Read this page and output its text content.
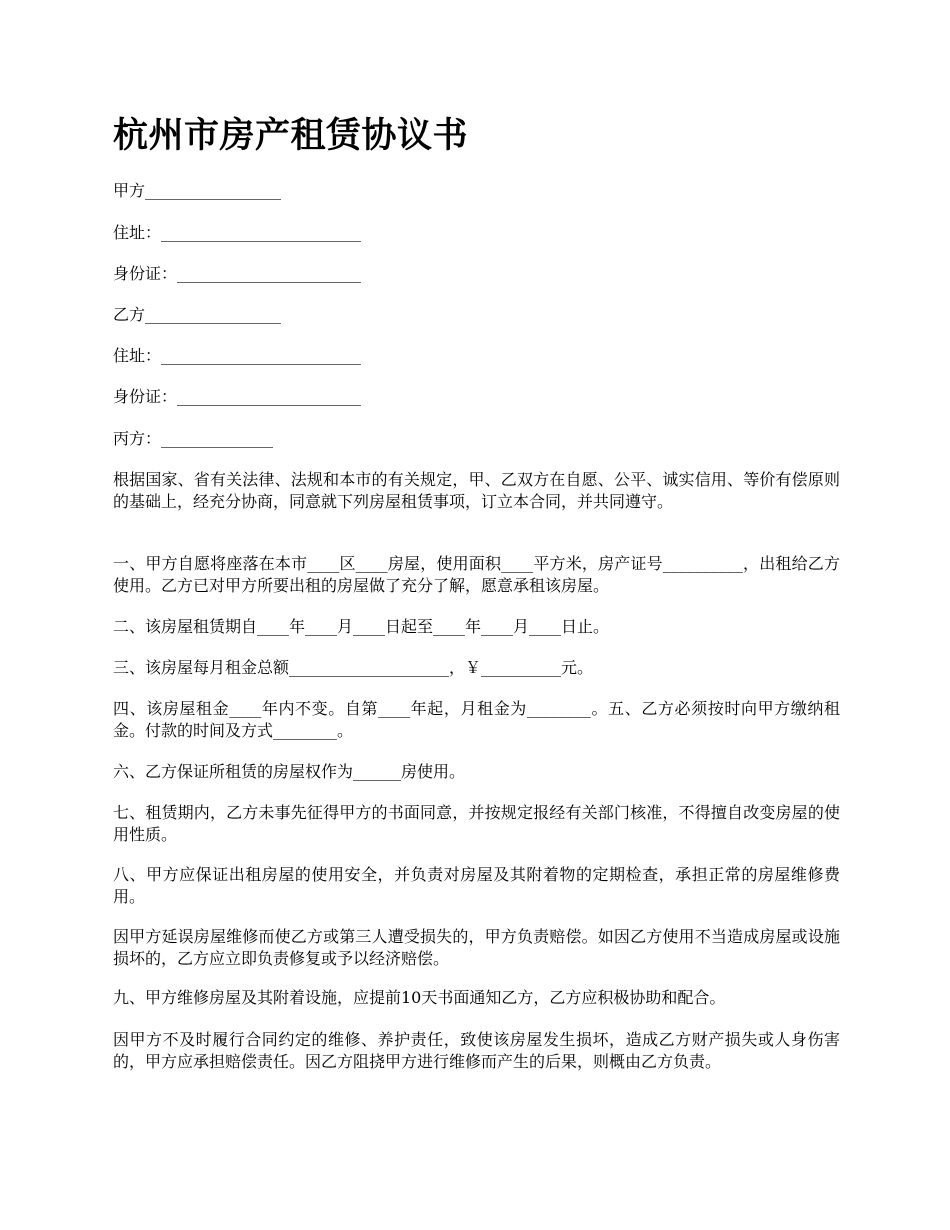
杭州市房产租赁协议书

甲方_________________

住址：_________________________

身份证：_______________________

乙方_________________

住址：_________________________

身份证：_______________________

丙方：______________

根据国家、省有关法律、法规和本市的有关规定，甲、乙双方在自愿、公平、诚实信用、等价有偿原则的基础上，经充分协商，同意就下列房屋租赁事项，订立本合同，并共同遵守。

一、甲方自愿将座落在本市____区____房屋，使用面积____平方米，房产证号__________，出租给乙方使用。乙方已对甲方所要出租的房屋做了充分了解，愿意承租该房屋。

二、该房屋租赁期自____年____月____日起至____年____月____日止。

三、该房屋每月租金总额____________________，￥__________元。

四、该房屋租金____年内不变。自第____年起，月租金为________。五、乙方必须按时向甲方缴纳租金。付款的时间及方式________。

六、乙方保证所租赁的房屋权作为______房使用。

七、租赁期内，乙方未事先征得甲方的书面同意，并按规定报经有关部门核准，不得擅自改变房屋的使用性质。

八、甲方应保证出租房屋的使用安全，并负责对房屋及其附着物的定期检查，承担正常的房屋维修费用。

因甲方延误房屋维修而使乙方或第三人遭受损失的，甲方负责赔偿。如因乙方使用不当造成房屋或设施损坏的，乙方应立即负责修复或予以经济赔偿。

九、甲方维修房屋及其附着设施，应提前10天书面通知乙方，乙方应积极协助和配合。

因甲方不及时履行合同约定的维修、养护责任，致使该房屋发生损坏，造成乙方财产损失或人身伤害的，甲方应承担赔偿责任。因乙方阻挠甲方进行维修而产生的后果，则概由乙方负责。
